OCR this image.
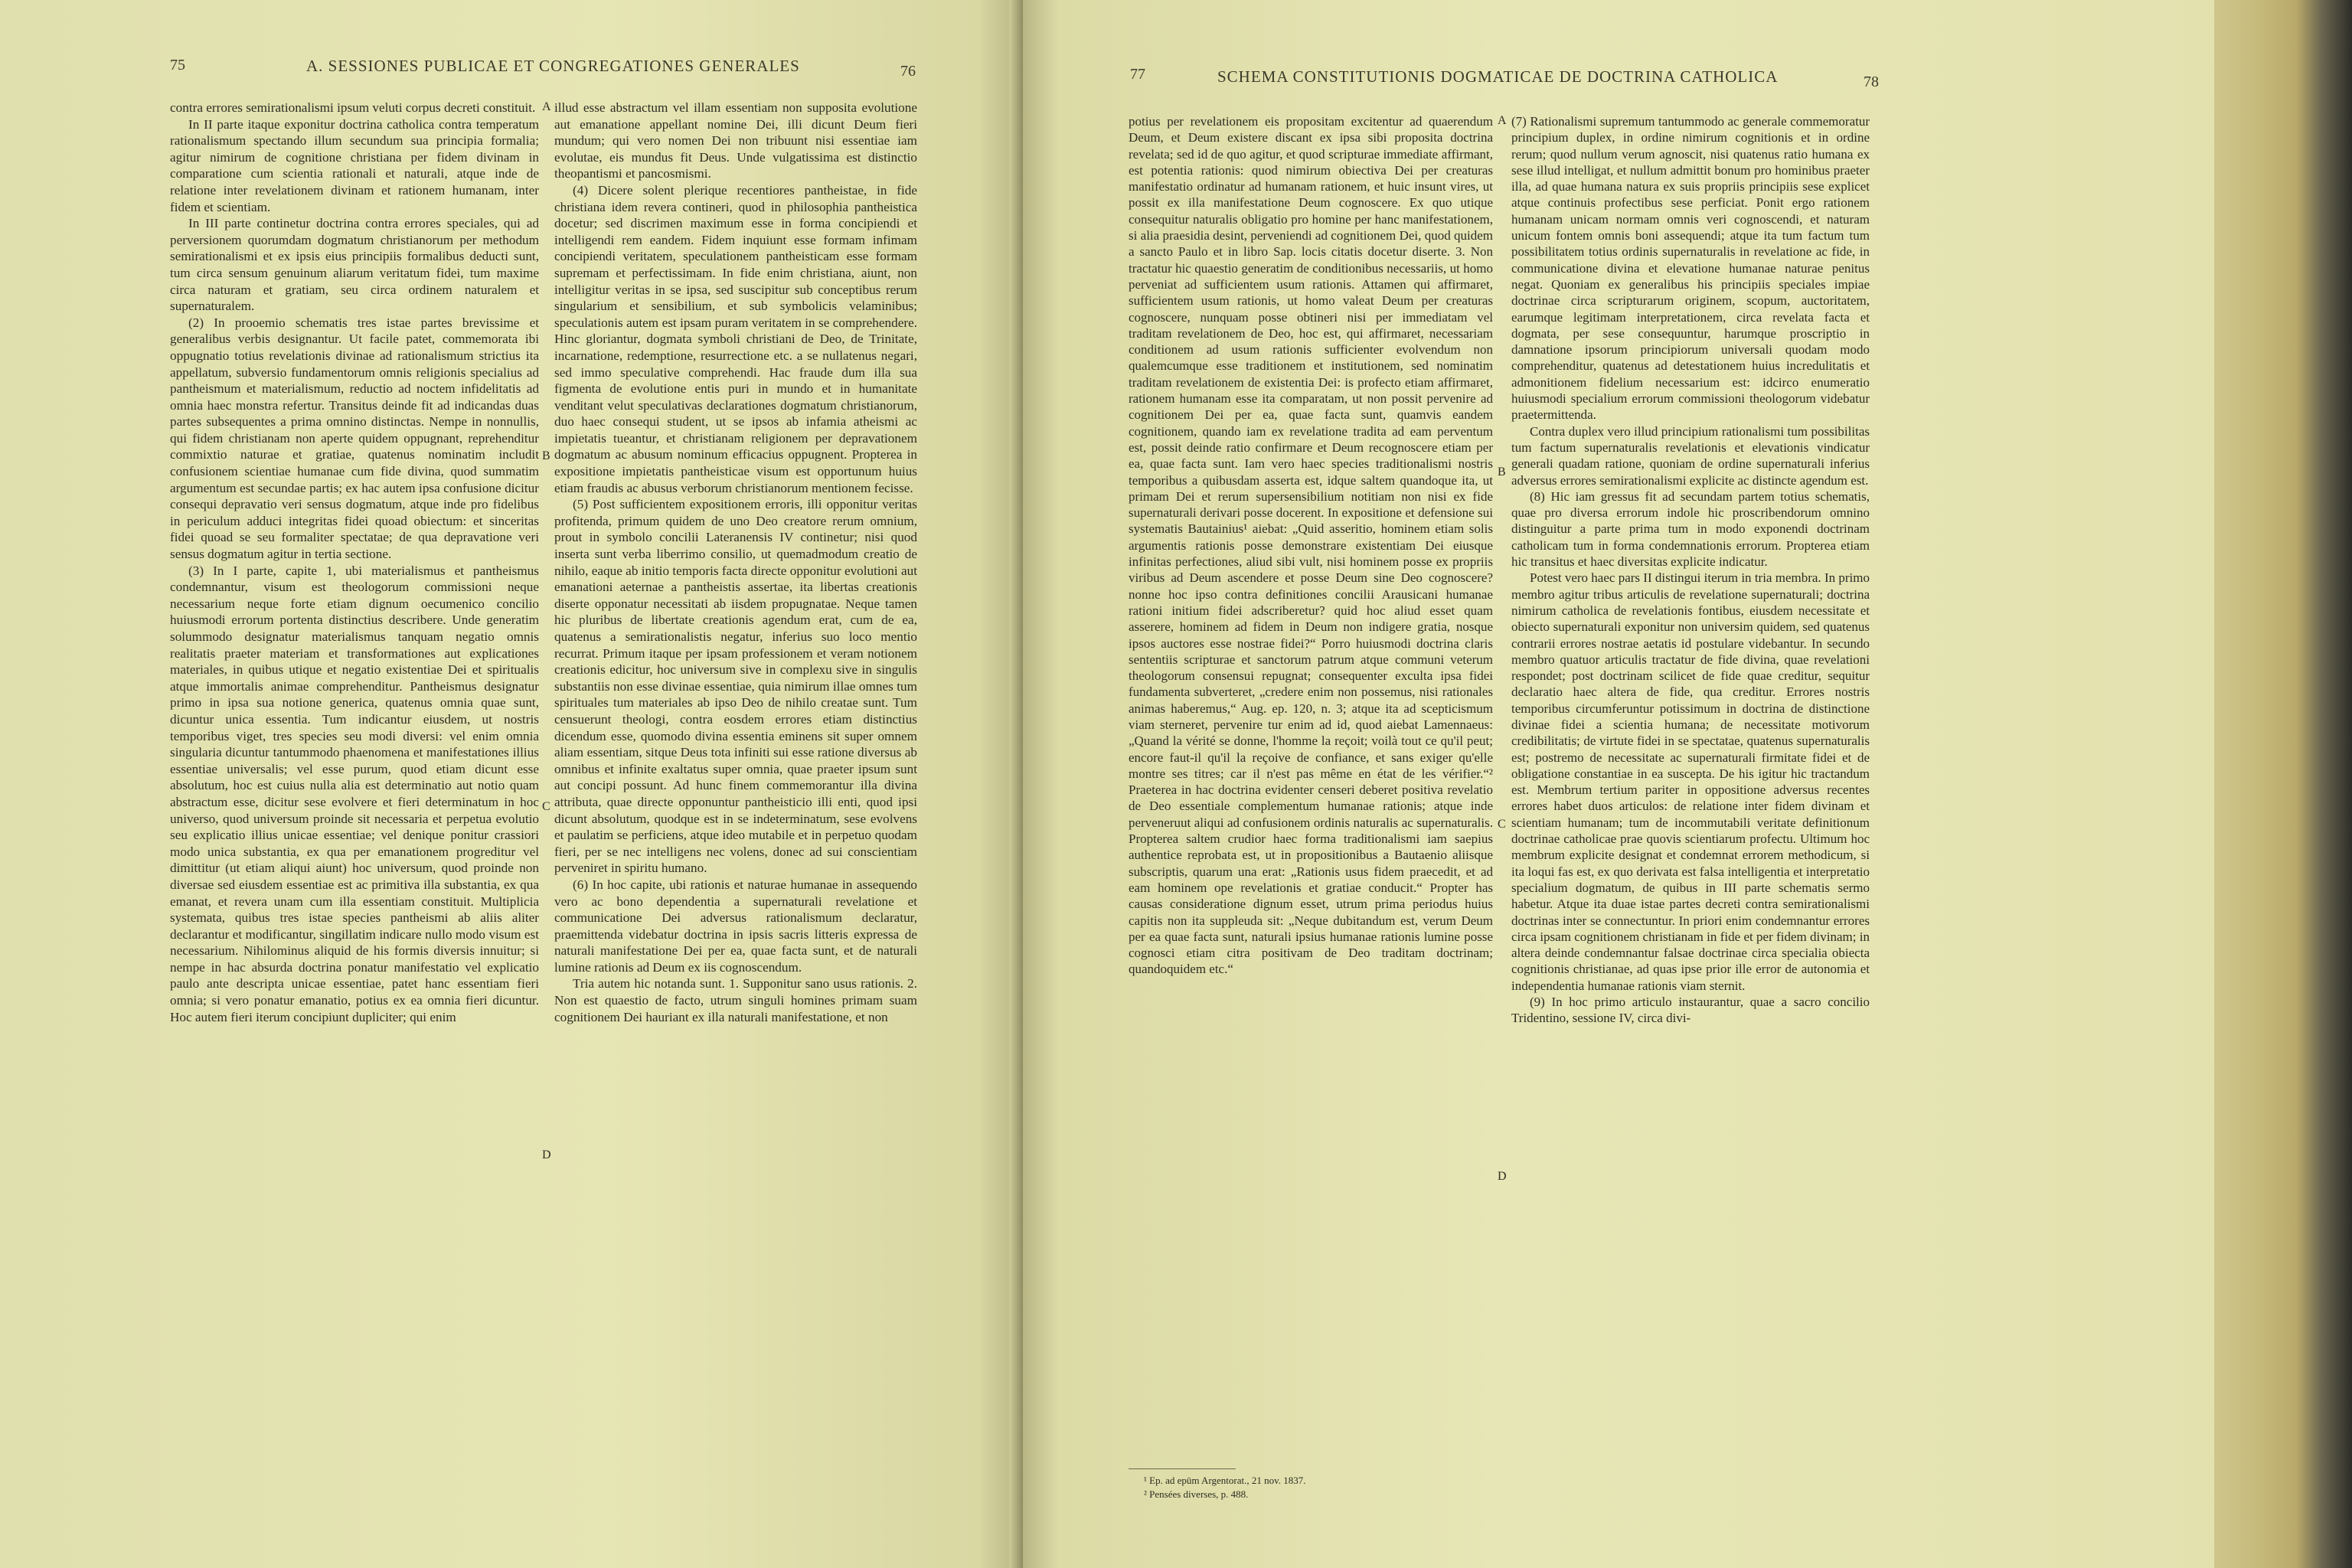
75	A. SESSIONES PUBLICAE ET CONGREGATIONES GENERALES	76

contra errores semirationalismi ipsum veluti corpus decreti constituit.

In II parte itaque exponitur doctrina catholica contra temperatum rationalismum spectando illum secundum sua principia formalia; agitur nimirum de cognitione christiana per fidem divinam in comparatione cum scientia rationali et naturali, atque inde de relatione inter revelationem divinam et rationem humanam, inter fidem et scientiam.

In III parte continetur doctrina contra errores speciales, qui ad perversionem quorumdam dogmatum christianorum per methodum semirationalismi et ex ipsis eius principiis formalibus deducti sunt, tum circa sensum genuinum aliarum veritatum fidei, tum maxime circa naturam et gratiam, seu circa ordinem naturalem et supernaturalem.

(2) In prooemio schematis tres istae partes brevissime et generalibus verbis designantur. Ut facile patet, commemorata ibi oppugnatio totius revelationis divinae ad rationalismum strictius ita appellatum, subversio fundamentorum omnis religionis specialius ad pantheismum et materialismum, reductio ad noctem infidelitatis ad omnia haec monstra refertur. Transitus deinde fit ad indicandas duas partes subsequentes a prima omnino distinctas. Nempe in nonnullis, qui fidem christianam non aperte quidem oppugnant, reprehenditur commixtio naturae et gratiae, quatenus nominatim includit confusionem scientiae humanae cum fide divina, quod summatim argumentum est secundae partis; ex hac autem ipsa confusione dicitur consequi depravatio veri sensus dogmatum, atque inde pro fidelibus in periculum adduci integritas fidei quoad obiectum: et sinceritas fidei quoad se seu formaliter spectatae; de qua depravatione veri sensus dogmatum agitur in tertia sectione.

(3) In I parte, capite 1, ubi materialismus et pantheismus condemnantur, visum est theologorum commissioni neque necessarium neque forte etiam dignum oecumenico concilio huiusmodi errorum portenta distinctius describere. Unde generatim solummodo designatur materialismus tanquam negatio omnis realitatis praeter materiam et transformationes aut explicationes materiales, in quibus utique et negatio existentiae Dei et spiritualis atque immortalis animae comprehenditur. Pantheismus designatur primo in ipsa sua notione generica, quatenus omnia quae sunt, dicuntur unica essentia. Tum indicantur eiusdem, ut nostris temporibus viget, tres species seu modi diversi: vel enim omnia singularia dicuntur tantummodo phaenomena et manifestationes illius essentiae universalis; vel esse purum, quod etiam dicunt esse absolutum, hoc est cuius nulla alia est determinatio aut notio quam abstractum esse, dicitur sese evolvere et fieri determinatum in hoc universo, quod universum proinde sit necessaria et perpetua evolutio seu explicatio illius unicae essentiae; vel denique ponitur crassiori modo unica substantia, ex qua per emanationem progreditur vel dimittitur (ut etiam aliqui aiunt) hoc universum, quod proinde non diversae sed eiusdem essentiae est ac primitiva illa substantia, ex qua emanat, et revera unam cum illa essentiam constituit. Multiplicia systemata, quibus tres istae species pantheismi ab aliis aliter declarantur et modificantur, singillatim indicare nullo modo visum est necessarium. Nihilominus aliquid de his formis diversis innuitur; si nempe in hac absurda doctrina ponatur manifestatio vel explicatio paulo ante descripta unicae essentiae, patet hanc essentiam fieri omnia; si vero ponatur emanatio, potius ex ea omnia fieri dicuntur. Hoc autem fieri iterum concipiunt dupliciter; qui enim

A
B
C
D

illud esse abstractum vel illam essentiam non supposita evolutione aut emanatione appellant nomine Dei, illi dicunt Deum fieri mundum; qui vero nomen Dei non tribuunt nisi essentiae iam evolutae, eis mundus fit Deus. Unde vulgatissima est distinctio theopantismi et pancosmismi.

(4) Dicere solent plerique recentiores pantheistae, in fide christiana idem revera contineri, quod in philosophia pantheistica docetur; sed discrimen maximum esse in forma concipiendi et intelligendi rem eandem. Fidem inquiunt esse formam infimam concipiendi veritatem, speculationem pantheisticam esse formam supremam et perfectissimam. In fide enim christiana, aiunt, non intelligitur veritas in se ipsa, sed suscipitur sub conceptibus rerum singularium et sensibilium, et sub symbolicis velaminibus; speculationis autem est ipsam puram veritatem in se comprehendere. Hinc gloriantur, dogmata symboli christiani de Deo, de Trinitate, incarnatione, redemptione, resurrectione etc. a se nullatenus negari, sed immo speculative comprehendi. Hac fraude dum illa sua figmenta de evolutione entis puri in mundo et in humanitate venditant velut speculativas declarationes dogmatum christianorum, duo haec consequi student, ut se ipsos ab infamia atheismi ac impietatis tueantur, et christianam religionem per depravationem dogmatum ac abusum nominum efficacius oppugnent. Propterea in expositione impietatis pantheisticae visum est opportunum huius etiam fraudis ac abusus verborum christianorum mentionem fecisse.

(5) Post sufficientem expositionem erroris, illi opponitur veritas profitenda, primum quidem de uno Deo creatore rerum omnium, prout in symbolo concilii Lateranensis IV continetur; nisi quod inserta sunt verba liberrimo consilio, ut quemadmodum creatio de nihilo, eaque ab initio temporis facta directe opponitur evolutioni aut emanationi aeternae a pantheistis assertae, ita libertas creationis diserte opponatur necessitati ab iisdem propugnatae. Neque tamen hic pluribus de libertate creationis agendum erat, cum de ea, quatenus a semirationalistis negatur, inferius suo loco mentio recurrat. Primum itaque per ipsam professionem et veram notionem creationis edicitur, hoc universum sive in complexu sive in singulis substantiis non esse divinae essentiae, quia nimirum illae omnes tum spirituales tum materiales ab ipso Deo de nihilo creatae sunt. Tum censuerunt theologi, contra eosdem errores etiam distinctius dicendum esse, quomodo divina essentia eminens sit super omnem aliam essentiam, sitque Deus tota infiniti sui esse ratione diversus ab omnibus et infinite exaltatus super omnia, quae praeter ipsum sunt aut concipi possunt. Ad hunc finem commemorantur illa divina attributa, quae directe opponuntur pantheisticio illi enti, quod ipsi dicunt absolutum, quodque est in se indeterminatum, sese evolvens et paulatim se perficiens, atque ideo mutabile et in perpetuo quodam fieri, per se nec intelligens nec volens, donec ad sui conscientiam perveniret in spiritu humano.

(6) In hoc capite, ubi rationis et naturae humanae in assequendo vero ac bono dependentia a supernaturali revelatione et communicatione Dei adversus rationalismum declaratur, praemittenda videbatur doctrina in ipsis sacris litteris expressa de naturali manifestatione Dei per ea, quae facta sunt, et de naturali lumine rationis ad Deum ex iis cognoscendum.

Tria autem hic notanda sunt. 1. Supponitur sano usus rationis. 2. Non est quaestio de facto, utrum singuli homines primam suam cognitionem Dei hauriant ex illa naturali manifestatione, et non

77	SCHEMA CONSTITUTIONIS DOGMATICAE DE DOCTRINA CATHOLICA	78

potius per revelationem eis propositam excitentur ad quaerendum Deum, et Deum existere discant ex ipsa sibi proposita doctrina revelata; sed id de quo agitur, et quod scripturae immediate affirmant, est potentia rationis: quod nimirum obiectiva Dei per creaturas manifestatio ordinatur ad humanam rationem, et huic insunt vires, ut possit ex illa manifestatione Deum cognoscere. Ex quo utique consequitur naturalis obligatio pro homine per hanc manifestationem, si alia praesidia desint, perveniendi ad cognitionem Dei, quod quidem a sancto Paulo et in libro Sap. locis citatis docetur diserte. 3. Non tractatur hic quaestio generatim de conditionibus necessariis, ut homo perveniat ad sufficientem usum rationis. Attamen qui affirmaret, sufficientem usum rationis, ut homo valeat Deum per creaturas cognoscere, nunquam posse obtineri nisi per immediatam vel traditam revelationem de Deo, hoc est, qui affirmaret, necessariam conditionem ad usum rationis sufficienter evolvendum non qualemcumque esse traditionem et institutionem, sed nominatim traditam revelationem de existentia Dei: is profecto etiam affirmaret, rationem humanam esse ita comparatam, ut non possit pervenire ad cognitionem Dei per ea, quae facta sunt, quamvis eandem cognitionem, quando iam ex revelatione tradita ad eam perventum est, possit deinde ratio confirmare et Deum recognoscere etiam per ea, quae facta sunt. Iam vero haec species traditionalismi nostris temporibus a quibusdam asserta est, idque saltem quandoque ita, ut primam Dei et rerum supersensibilium notitiam non nisi ex fide supernaturali derivari posse docerent. In expositione et defensione sui systematis Bautainius¹ aiebat: „Quid asseritio, hominem etiam solis argumentis rationis posse demonstrare existentiam Dei eiusque infinitas perfectiones, aliud sibi vult, nisi hominem posse ex propriis viribus ad Deum ascendere et posse Deum sine Deo cognoscere? nonne hoc ipso contra definitiones concilii Arausicani humanae rationi initium fidei adscriberetur? quid hoc aliud esset quam asserere, hominem ad fidem in Deum non indigere gratia, nosque ipsos auctores esse nostrae fidei?“ Porro huiusmodi doctrina claris sententiis scripturae et sanctorum patrum atque communi veterum theologorum consensui repugnat; consequenter exculta ipsa fidei fundamenta subverteret, „credere enim non possemus, nisi rationales animas haberemus,“ Aug. ep. 120, n. 3; atque ita ad scepticismum viam sterneret, pervenire tur enim ad id, quod aiebat Lamennaeus: „Quand la vérité se donne, l'homme la reçoit; voilà tout ce qu'il peut; encore faut-il qu'il la reçoive de confiance, et sans exiger qu'elle montre ses titres; car il n'est pas même en état de les vérifier.“² Praeterea in hac doctrina evidenter censeri deberet positiva revelatio de Deo essentiale complementum humanae rationis; atque inde perveneruut aliqui ad confusionem ordinis naturalis ac supernaturalis. Propterea saltem crudior haec forma traditionalismi iam saepius authentice reprobata est, ut in propositionibus a Bautaenio aliisque subscriptis, quarum una erat: „Rationis usus fidem praecedit, et ad eam hominem ope revelationis et gratiae conducit.“ Propter has causas consideratione dignum esset, utrum prima periodus huius capitis non ita suppleuda sit: „Neque dubitandum est, verum Deum per ea quae facta sunt, naturali ipsius humanae rationis lumine posse cognosci etiam citra positivam de Deo traditam doctrinam; quandoquidem etc.“

A
B
C
D

(7) Rationalismi supremum tantummodo ac generale commemoratur principium duplex, in ordine nimirum cognitionis et in ordine rerum; quod nullum verum agnoscit, nisi quatenus ratio humana ex sese illud intelligat, et nullum admittit bonum pro hominibus praeter illa, ad quae humana natura ex suis propriis principiis sese explicet atque continuis profectibus sese perficiat. Ponit ergo rationem humanam unicam normam omnis veri cognoscendi, et naturam unicum fontem omnis boni assequendi; atque ita tum factum tum possibilitatem totius ordinis supernaturalis in revelatione ac fide, in communicatione divina et elevatione humanae naturae penitus negat. Quoniam ex generalibus his principiis speciales impiae doctrinae circa scripturarum originem, scopum, auctoritatem, earumque legitimam interpretationem, circa revelata facta et dogmata, per sese consequuntur, harumque proscriptio in damnatione ipsorum principiorum universali quodam modo comprehenditur, quatenus ad detestationem huius incredulitatis et admonitionem fidelium necessarium est: idcirco enumeratio huiusmodi specialium errorum commissioni theologorum videbatur praetermittenda.

Contra duplex vero illud principium rationalismi tum possibilitas tum factum supernaturalis revelationis et elevationis vindicatur generali quadam ratione, quoniam de ordine supernaturali inferius adversus errores semirationalismi explicite ac distincte agendum est.

(8) Hic iam gressus fit ad secundam partem totius schematis, quae pro diversa errorum indole hic proscribendorum omnino distinguitur a parte prima tum in modo exponendi doctrinam catholicam tum in forma condemnationis errorum. Propterea etiam hic transitus et haec diversitas explicite indicatur.

Potest vero haec pars II distingui iterum in tria membra. In primo membro agitur tribus articulis de revelatione supernaturali; doctrina nimirum catholica de revelationis fontibus, eiusdem necessitate et obiecto supernaturali exponitur non universim quidem, sed quatenus contrarii errores nostrae aetatis id postulare videbantur. In secundo membro quatuor articulis tractatur de fide divina, quae revelationi respondet; post doctrinam scilicet de fide quae creditur, sequitur declaratio haec altera de fide, qua creditur. Errores nostris temporibus circumferuntur potissimum in doctrina de distinctione divinae fidei a scientia humana; de necessitate motivorum credibilitatis; de virtute fidei in se spectatae, quatenus supernaturalis est; postremo de necessitate ac supernaturali firmitate fidei et de obligatione constantiae in ea suscepta. De his igitur hic tractandum est. Membrum tertium pariter in oppositione adversus recentes errores habet duos articulos: de relatione inter fidem divinam et scientiam humanam; tum de incommutabili veritate definitionum doctrinae catholicae prae quovis scientiarum profectu. Ultimum hoc membrum explicite designat et condemnat errorem methodicum, si ita loqui fas est, ex quo derivata est falsa intelligentia et interpretatio specialium dogmatum, de quibus in III parte schematis sermo habetur. Atque ita duae istae partes decreti contra semirationalismi doctrinas inter se connectuntur. In priori enim condemnantur errores circa ipsam cognitionem christianam in fide et per fidem divinam; in altera deinde condemnantur falsae doctrinae circa specialia obiecta cognitionis christianae, ad quas ipse prior ille error de autonomia et independentia humanae rationis viam sternit.

(9) In hoc primo articulo instaurantur, quae a sacro concilio Tridentino, sessione IV, circa divi-

¹ Ep. ad epūm Argentorat., 21 nov. 1837.
² Pensées diverses, p. 488.
